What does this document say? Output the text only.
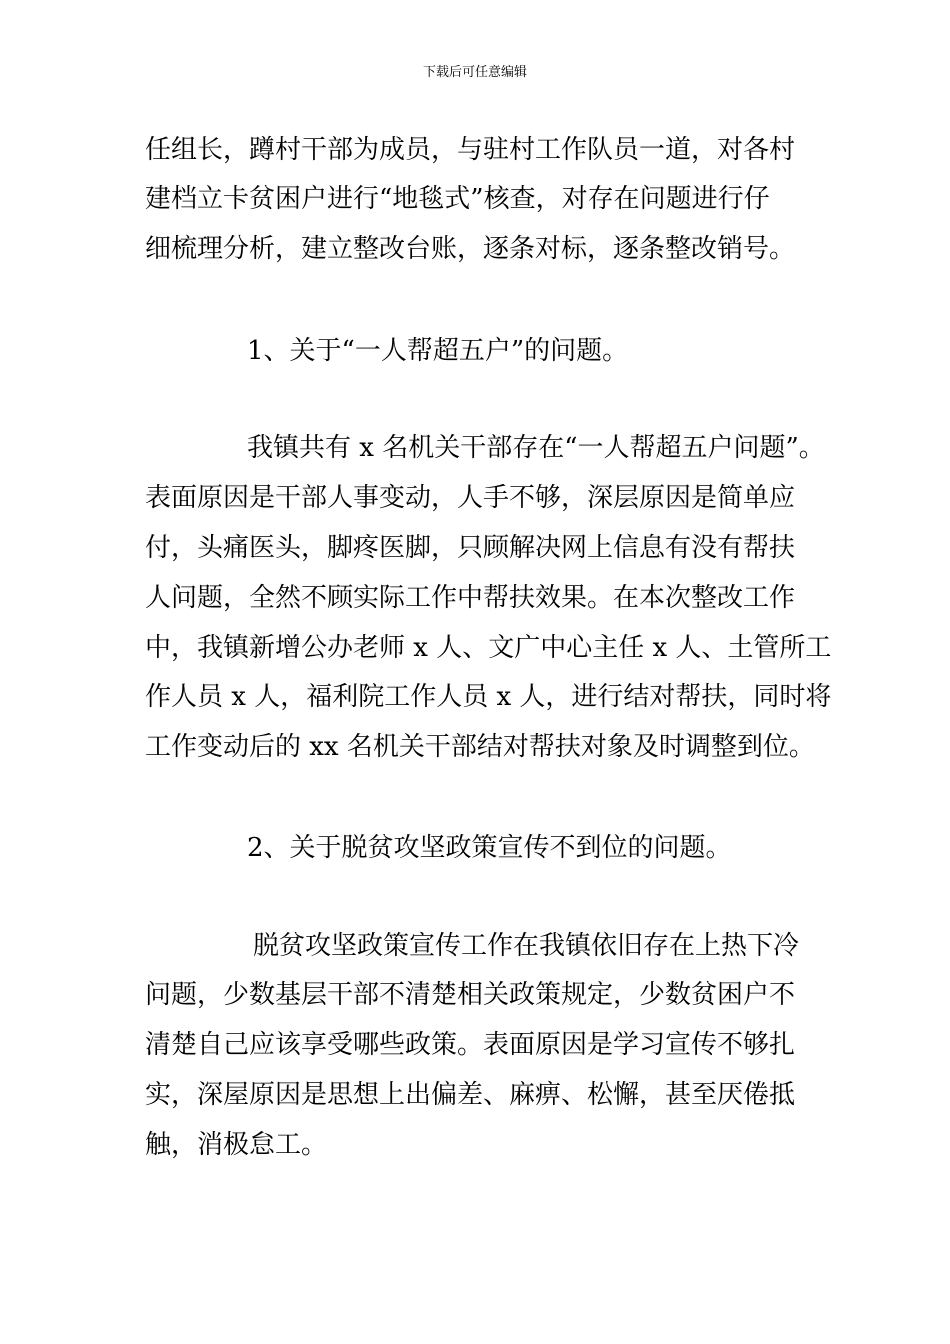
下载后可任意编辑
任组长，蹲村干部为成员，与驻村工作队员一道，对各村
建档立卡贫困户进行“地毯式”核查，对存在问题进行仔
细梳理分析，建立整改台账，逐条对标，逐条整改销号。
1、关于“一人帮超五户”的问题。
我镇共有 x 名机关干部存在“一人帮超五户问题”。
表面原因是干部人事变动，人手不够，深层原因是简单应
付，头痛医头，脚疼医脚，只顾解决网上信息有没有帮扶
人问题，全然不顾实际工作中帮扶效果。在本次整改工作
中，我镇新增公办老师 x 人、文广中心主任 x 人、土管所工
作人员 x 人，福利院工作人员 x 人，进行结对帮扶，同时将
工作变动后的 xx 名机关干部结对帮扶对象及时调整到位。
2、关于脱贫攻坚政策宣传不到位的问题。
脱贫攻坚政策宣传工作在我镇依旧存在上热下冷
问题，少数基层干部不清楚相关政策规定，少数贫困户不
清楚自己应该享受哪些政策。表面原因是学习宣传不够扎
实，深屋原因是思想上出偏差、麻痹、松懈，甚至厌倦抵
触，消极怠工。
